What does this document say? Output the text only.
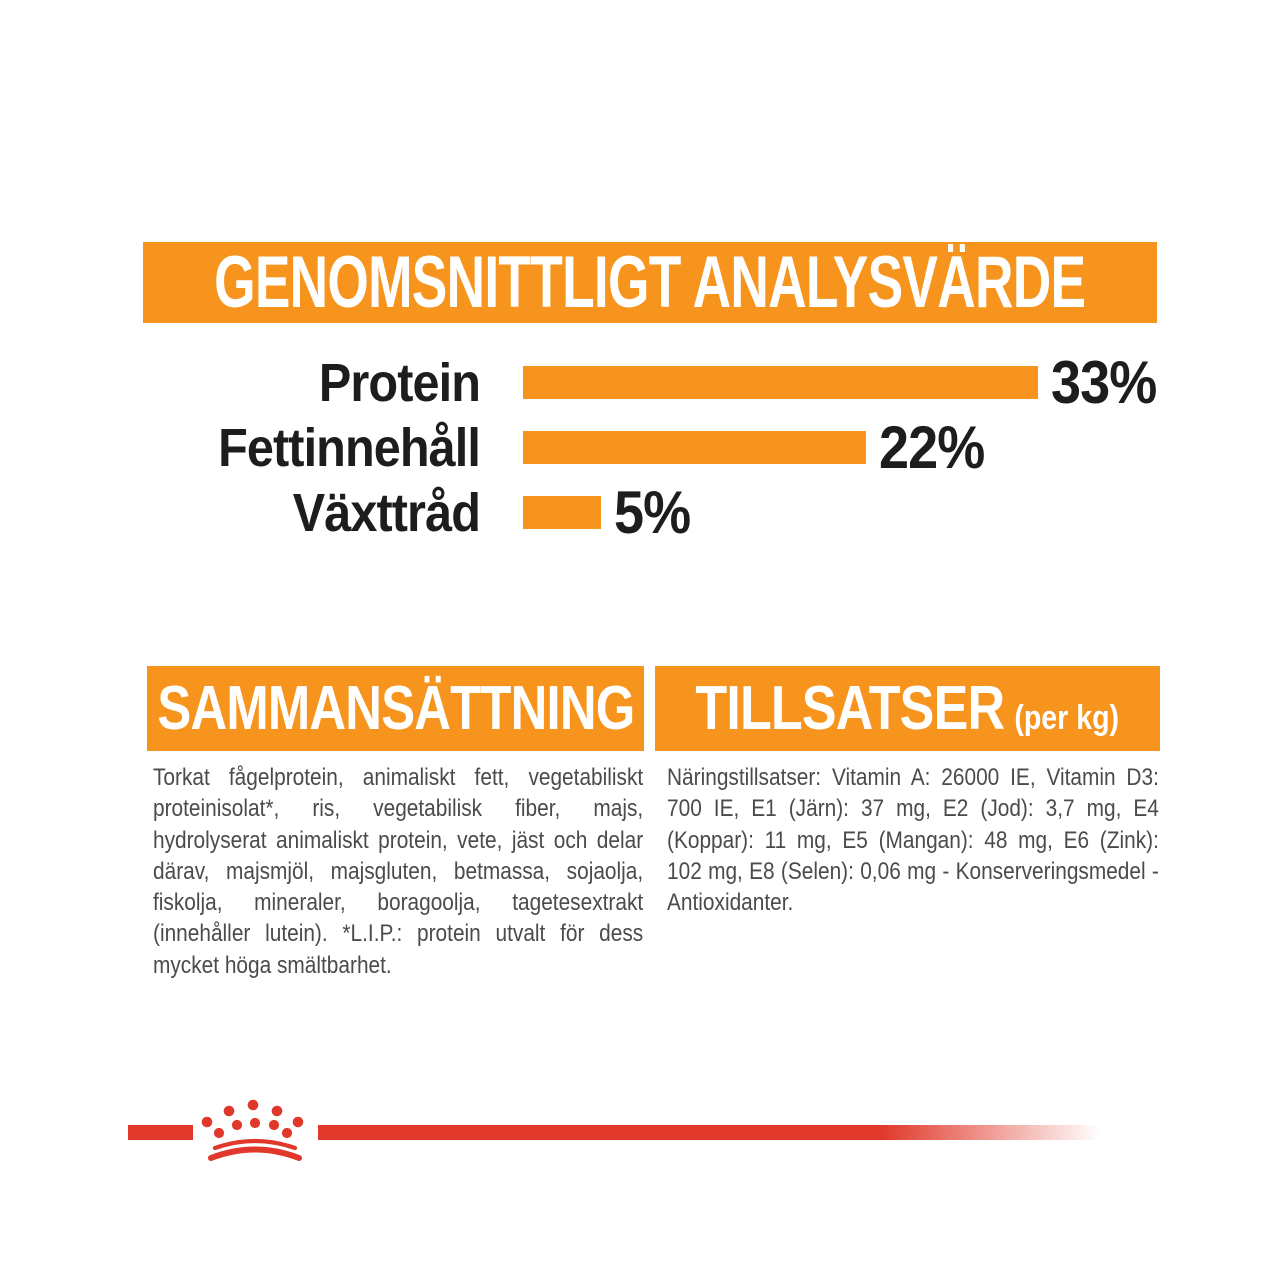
GENOMSNITTLIGT ANALYSVÄRDE
Protein	33%
Fettinnehåll	22%
Växttråd 5%
SAMMANSÄTTNING TILLSATSER (per kg)

Torkat fågelprotein, animaliskt fett, vegetabiliskt proteinisolat*, ris, vegetabilisk fiber, majs, hydrolyserat animaliskt protein, vete, jäst och delar därav, majsmjöl, majsgluten, betmassa, sojaolja, fiskolja, mineraler, boragoolja, tagetesextrakt (innehåller lutein). *L.I.P.: protein utvalt för dess mycket höga smältbarhet.

Näringstillsatser: Vitamin A: 26000 IE, Vitamin D3: 700 IE, E1 (Järn): 37 mg, E2 (Jod): 3,7 mg, E4 (Koppar): 11 mg, E5 (Mangan): 48 mg, E6 (Zink): 102 mg, E8 (Selen): 0,06 mg - Konserveringsmedel - Antioxidanter.
